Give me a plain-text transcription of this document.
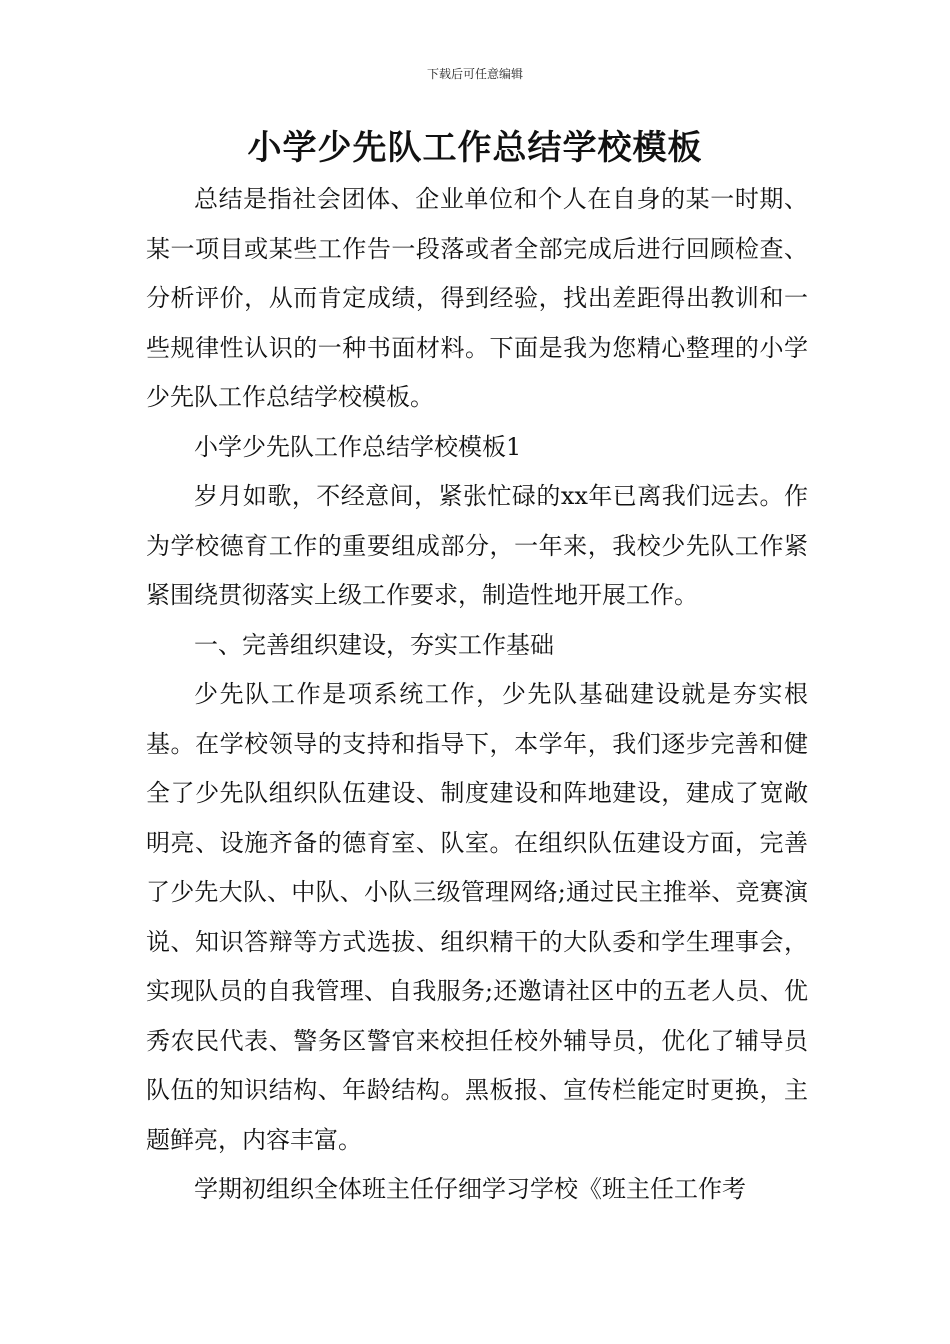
下载后可任意编辑
小学少先队工作总结学校模板

总结是指社会团体、企业单位和个人在自身的某一时期、某一项目或某些工作告一段落或者全部完成后进行回顾检查、分析评价，从而肯定成绩，得到经验，找出差距得出教训和一些规律性认识的一种书面材料。下面是我为您精心整理的小学少先队工作总结学校模板。

小学少先队工作总结学校模板1

岁月如歌，不经意间，紧张忙碌的xx年已离我们远去。作为学校德育工作的重要组成部分，一年来，我校少先队工作紧紧围绕贯彻落实上级工作要求，制造性地开展工作。

一、完善组织建设，夯实工作基础

少先队工作是项系统工作，少先队基础建设就是夯实根基。在学校领导的支持和指导下，本学年，我们逐步完善和健全了少先队组织队伍建设、制度建设和阵地建设，建成了宽敞明亮、设施齐备的德育室、队室。在组织队伍建设方面，完善了少先大队、中队、小队三级管理网络;通过民主推举、竞赛演说、知识答辩等方式选拔、组织精干的大队委和学生理事会，实现队员的自我管理、自我服务;还邀请社区中的五老人员、优秀农民代表、警务区警官来校担任校外辅导员，优化了辅导员队伍的知识结构、年龄结构。黑板报、宣传栏能定时更换，主题鲜亮，内容丰富。

学期初组织全体班主任仔细学习学校《班主任工作考
